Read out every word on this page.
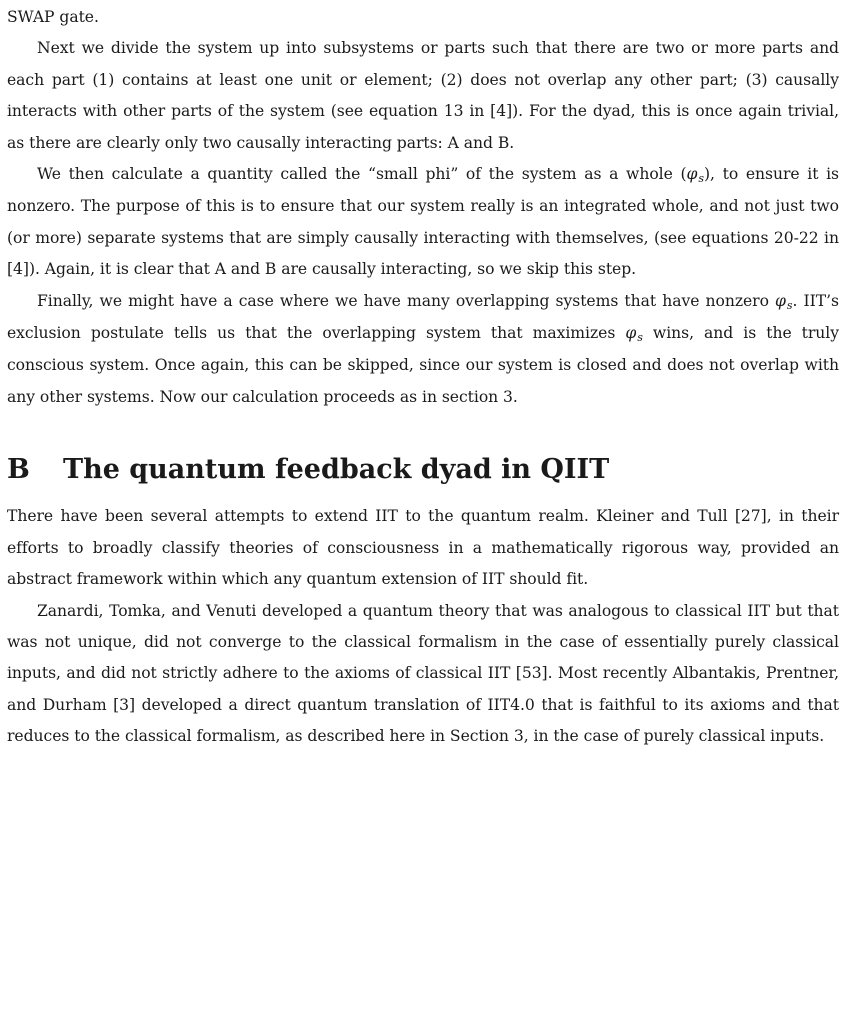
SWAP gate.

Next we divide the system up into subsystems or parts such that there are two or more parts and each part (1) contains at least one unit or element; (2) does not overlap any other part; (3) causally interacts with other parts of the system (see equation 13 in [4]). For the dyad, this is once again trivial, as there are clearly only two causally interacting parts: A and B.

We then calculate a quantity called the “small phi” of the system as a whole (φs), to ensure it is nonzero. The purpose of this is to ensure that our system really is an integrated whole, and not just two (or more) separate systems that are simply causally interacting with themselves, (see equations 20-22 in [4]). Again, it is clear that A and B are causally interacting, so we skip this step.

Finally, we might have a case where we have many overlapping systems that have nonzero φs. IIT’s exclusion postulate tells us that the overlapping system that maximizes φs wins, and is the truly conscious system. Once again, this can be skipped, since our system is closed and does not overlap with any other systems. Now our calculation proceeds as in section 3.

B The quantum feedback dyad in QIIT

There have been several attempts to extend IIT to the quantum realm. Kleiner and Tull [27], in their efforts to broadly classify theories of consciousness in a mathematically rigorous way, provided an abstract framework within which any quantum extension of IIT should fit.

Zanardi, Tomka, and Venuti developed a quantum theory that was analogous to classical IIT but that was not unique, did not converge to the classical formalism in the case of essentially purely classical inputs, and did not strictly adhere to the axioms of classical IIT [53]. Most recently Albantakis, Prentner, and Durham [3] developed a direct quantum translation of IIT4.0 that is faithful to its axioms and that reduces to the classical formalism, as described here in Section 3, in the case of purely classical inputs.
